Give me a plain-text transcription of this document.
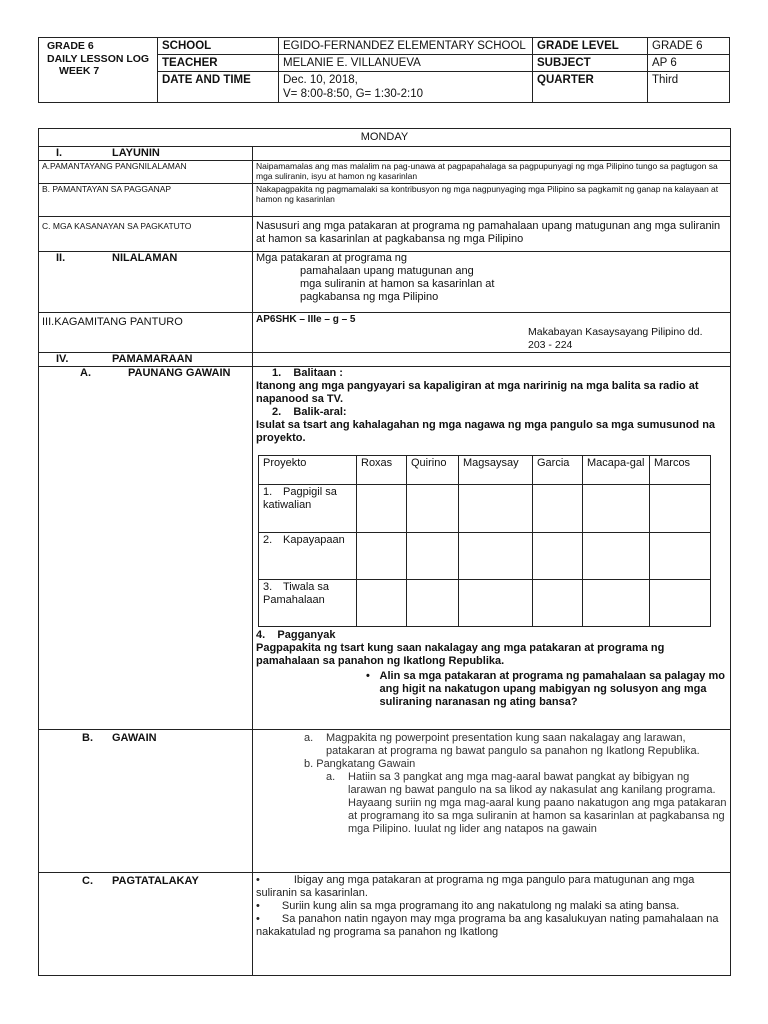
GRADE 6
DAILY LESSON LOG
WEEK 7	SCHOOL	EGIDO-FERNANDEZ ELEMENTARY SCHOOL	GRADE LEVEL	GRADE 6
	TEACHER	MELANIE E. VILLANUEVA	SUBJECT	AP 6
	DATE AND TIME	Dec. 10, 2018,
V= 8:00-8:50, G= 1:30-2:10	QUARTER	Third
MONDAY
I.	LAYUNIN	
A.PAMANTAYANG PANGNILALAMAN	Naipamamalas ang mas malalim na pag-unawa at pagpapahalaga sa pagpupunyagi ng mga Pilipino tungo sa pagtugon sa mga suliranin, isyu at hamon ng kasarinlan
B. PAMANTAYAN SA PAGGANAP	Nakapagpakita ng pagmamalaki sa kontribusyon ng mga nagpunyaging mga Pilipino sa pagkamit ng ganap na kalayaan at hamon ng kasarinlan
C. MGA KASANAYAN SA PAGKATUTO	Nasusuri ang mga patakaran at programa ng pamahalaan upang matugunan ang mga suliranin at hamon sa kasarinlan at pagkabansa ng mga Pilipino
II.	NILALAMAN	Mga patakaran at programa ng
pamahalaan upang matugunan ang
mga suliranin at hamon sa kasarinlan at
pagkabansa ng mga Pilipino

III.KAGAMITANG PANTURO	AP6SHK – IIIe – g – 5
Makabayan Kasaysayang Pilipino dd.
203 - 224

IV.	PAMAMARAAN	
A.	PAUNANG GAWAIN	1.    Balitaan :
Itanong ang mga pangyayari sa kapaligiran at mga naririnig na mga balita sa radio at napanood sa TV.
2.    Balik-aral:
Isulat sa tsart ang kahalagahan ng mga nagawa ng mga pangulo sa mga sumusunod na proyekto.
Proyekto	Roxas	Quirino	Magsaysay	Garcia	Macapa-gal	Marcos
1. Pagpigil sa katiwalian						
2. Kapayapaan						
3. Tiwala sa Pamahalaan						
4.    Pagganyak
Pagpapakita ng tsart kung saan nakalagay ang mga patakaran at programa ng pamahalaan sa panahon ng Ikatlong Republika.
• Alin sa mga patakaran at programa ng pamahalaan sa palagay mo ang higit na nakatugon upang mabigyan ng solusyon ang mga suliraning naranasan ng ating bansa?

B. GAWAIN	a.	Magpakita ng powerpoint presentation kung saan nakalagay ang larawan, patakaran at programa ng bawat pangulo sa panahon ng Ikatlong Republika.
b. Pangkatang Gawain
a.	Hatiin sa 3 pangkat ang mga mag-aaral bawat pangkat ay bibigyan ng larawan ng bawat pangulo na sa likod ay nakasulat ang kanilang programa. Hayaang suriin ng mga mag-aaral kung paano nakatugon ang mga patakaran at programang ito sa mga suliranin at hamon sa kasarinlan at pagkabansa ng mga Pilipino. Iuulat ng lider ang natapos na gawain

C. PAGTATALAKAY	•	Ibigay ang mga patakaran at programa ng mga pangulo para matugunan ang mga suliranin sa kasarinlan.
• Suriin kung alin sa mga programang ito ang nakatulong ng malaki sa ating bansa.
• Sa panahon natin ngayon may mga programa ba ang kasalukuyan nating pamahalaan na nakakatulad ng programa sa panahon ng Ikatlong
